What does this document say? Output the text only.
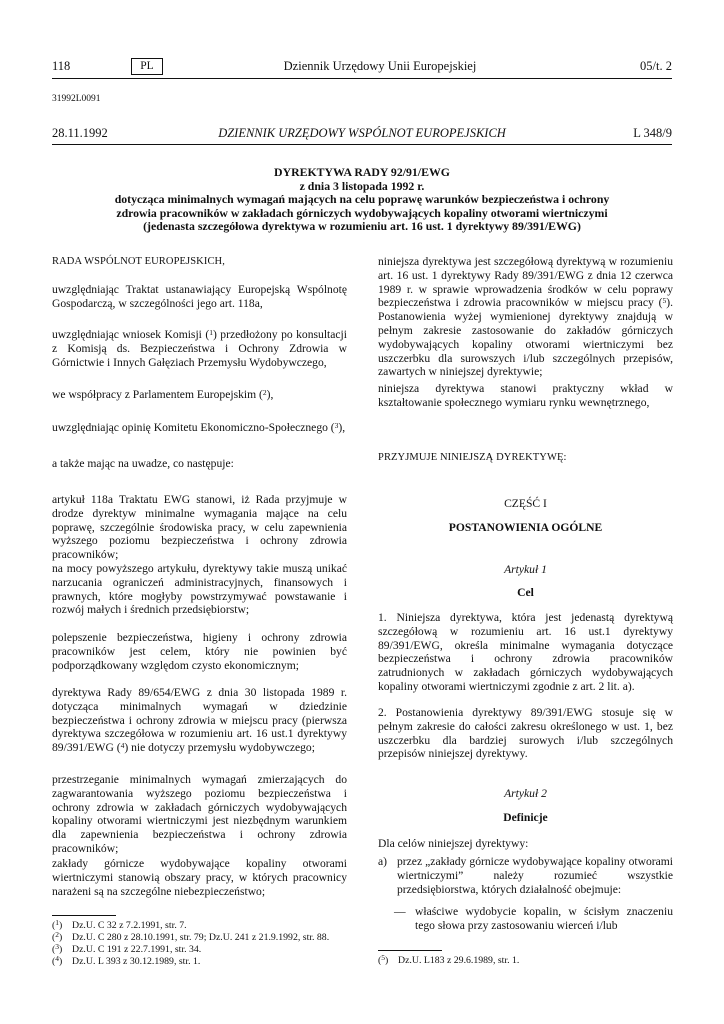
118	PL	Dziennik Urzędowy Unii Europejskiej	05/t. 2
31992L0091
28.11.1992	DZIENNIK URZĘDOWY WSPÓLNOT EUROPEJSKICH	L 348/9
DYREKTYWA RADY 92/91/EWG
z dnia 3 listopada 1992 r.
dotycząca minimalnych wymagań mających na celu poprawę warunków bezpieczeństwa i ochrony
zdrowia pracowników w zakładach górniczych wydobywających kopaliny otworami wiertniczymi
(jedenasta szczegółowa dyrektywa w rozumieniu art. 16 ust. 1 dyrektywy 89/391/EWG)

RADA WSPÓLNOT EUROPEJSKICH,

uwzględniając Traktat ustanawiający Europejską Wspólnotę Gospodarczą, w szczególności jego art. 118a,

uwzględniając wniosek Komisji ($^1$) przedłożony po konsultacji z Komisją ds. Bezpieczeństwa i Ochrony Zdrowia w Górnictwie i Innych Gałęziach Przemysłu Wydobywczego,

we współpracy z Parlamentem Europejskim ($^2$),

uwzględniając opinię Komitetu Ekonomiczno-Społecznego ($^3$),

a także mając na uwadze, co następuje:

artykuł 118a Traktatu EWG stanowi, iż Rada przyjmuje w drodze dyrektyw minimalne wymagania mające na celu poprawę, szczególnie środowiska pracy, w celu zapewnienia wyższego poziomu bezpieczeństwa i ochrony zdrowia pracowników;

na mocy powyższego artykułu, dyrektywy takie muszą unikać narzucania ograniczeń administracyjnych, finansowych i prawnych, które mogłyby powstrzymywać powstawanie i rozwój małych i średnich przedsiębiorstw;

polepszenie bezpieczeństwa, higieny i ochrony zdrowia pracowników jest celem, który nie powinien być podporządkowany względom czysto ekonomicznym;

dyrektywa Rady 89/654/EWG z dnia 30 listopada 1989 r. dotycząca minimalnych wymagań w dziedzinie bezpieczeństwa i ochrony zdrowia w miejscu pracy (pierwsza dyrektywa szczegółowa w rozumieniu art. 16 ust.1 dyrektywy 89/391/EWG ($^4$) nie dotyczy przemysłu wydobywczego;

przestrzeganie minimalnych wymagań zmierzających do zagwarantowania wyższego poziomu bezpieczeństwa i ochrony zdrowia w zakładach górniczych wydobywających kopaliny otworami wiertniczymi jest niezbędnym warunkiem dla zapewnienia bezpieczeństwa i ochrony zdrowia pracowników;

zakłady górnicze wydobywające kopaliny otworami wiertniczymi stanowią obszary pracy, w których pracownicy narażeni są na szczególne niebezpieczeństwo;

($^1$) Dz.U. C 32 z 7.2.1991, str. 7.
($^2$) Dz.U. C 280 z 28.10.1991, str. 79; Dz.U. 241 z 21.9.1992, str. 88.
($^3$) Dz.U. C 191 z 22.7.1991, str. 34.
($^4$) Dz.U. L 393 z 30.12.1989, str. 1.

niniejsza dyrektywa jest szczegółową dyrektywą w rozumieniu art. 16 ust. 1 dyrektywy Rady 89/391/EWG z dnia 12 czerwca 1989 r. w sprawie wprowadzenia środków w celu poprawy bezpieczeństwa i zdrowia pracowników w miejscu pracy ($^5$). Postanowienia wyżej wymienionej dyrektywy znajdują w pełnym zakresie zastosowanie do zakładów górniczych wydobywających kopaliny otworami wiertniczymi bez uszczerbku dla surowszych i/lub szczególnych przepisów, zawartych w niniejszej dyrektywie;

niniejsza dyrektywa stanowi praktyczny wkład w kształtowanie społecznego wymiaru rynku wewnętrznego,

PRZYJMUJE NINIEJSZĄ DYREKTYWĘ:

CZĘŚĆ I

POSTANOWIENIA OGÓLNE

Artykuł 1

Cel

1. Niniejsza dyrektywa, która jest jedenastą dyrektywą szczegółową w rozumieniu art. 16 ust.1 dyrektywy 89/391/EWG, określa minimalne wymagania dotyczące bezpieczeństwa i ochrony zdrowia pracowników zatrudnionych w zakładach górniczych wydobywających kopaliny otworami wiertniczymi zgodnie z art. 2 lit. a).

2. Postanowienia dyrektywy 89/391/EWG stosuje się w pełnym zakresie do całości zakresu określonego w ust. 1, bez uszczerbku dla bardziej surowych i/lub szczególnych przepisów niniejszej dyrektywy.

Artykuł 2

Definicje

Dla celów niniejszej dyrektywy:

a) przez „zakłady górnicze wydobywające kopaliny otworami wiertniczymi” należy rozumieć wszystkie przedsiębiorstwa, których działalność obejmuje:

— właściwe wydobycie kopalin, w ścisłym znaczeniu tego słowa przy zastosowaniu wierceń i/lub

($^5$) Dz.U. L183 z 29.6.1989, str. 1.
